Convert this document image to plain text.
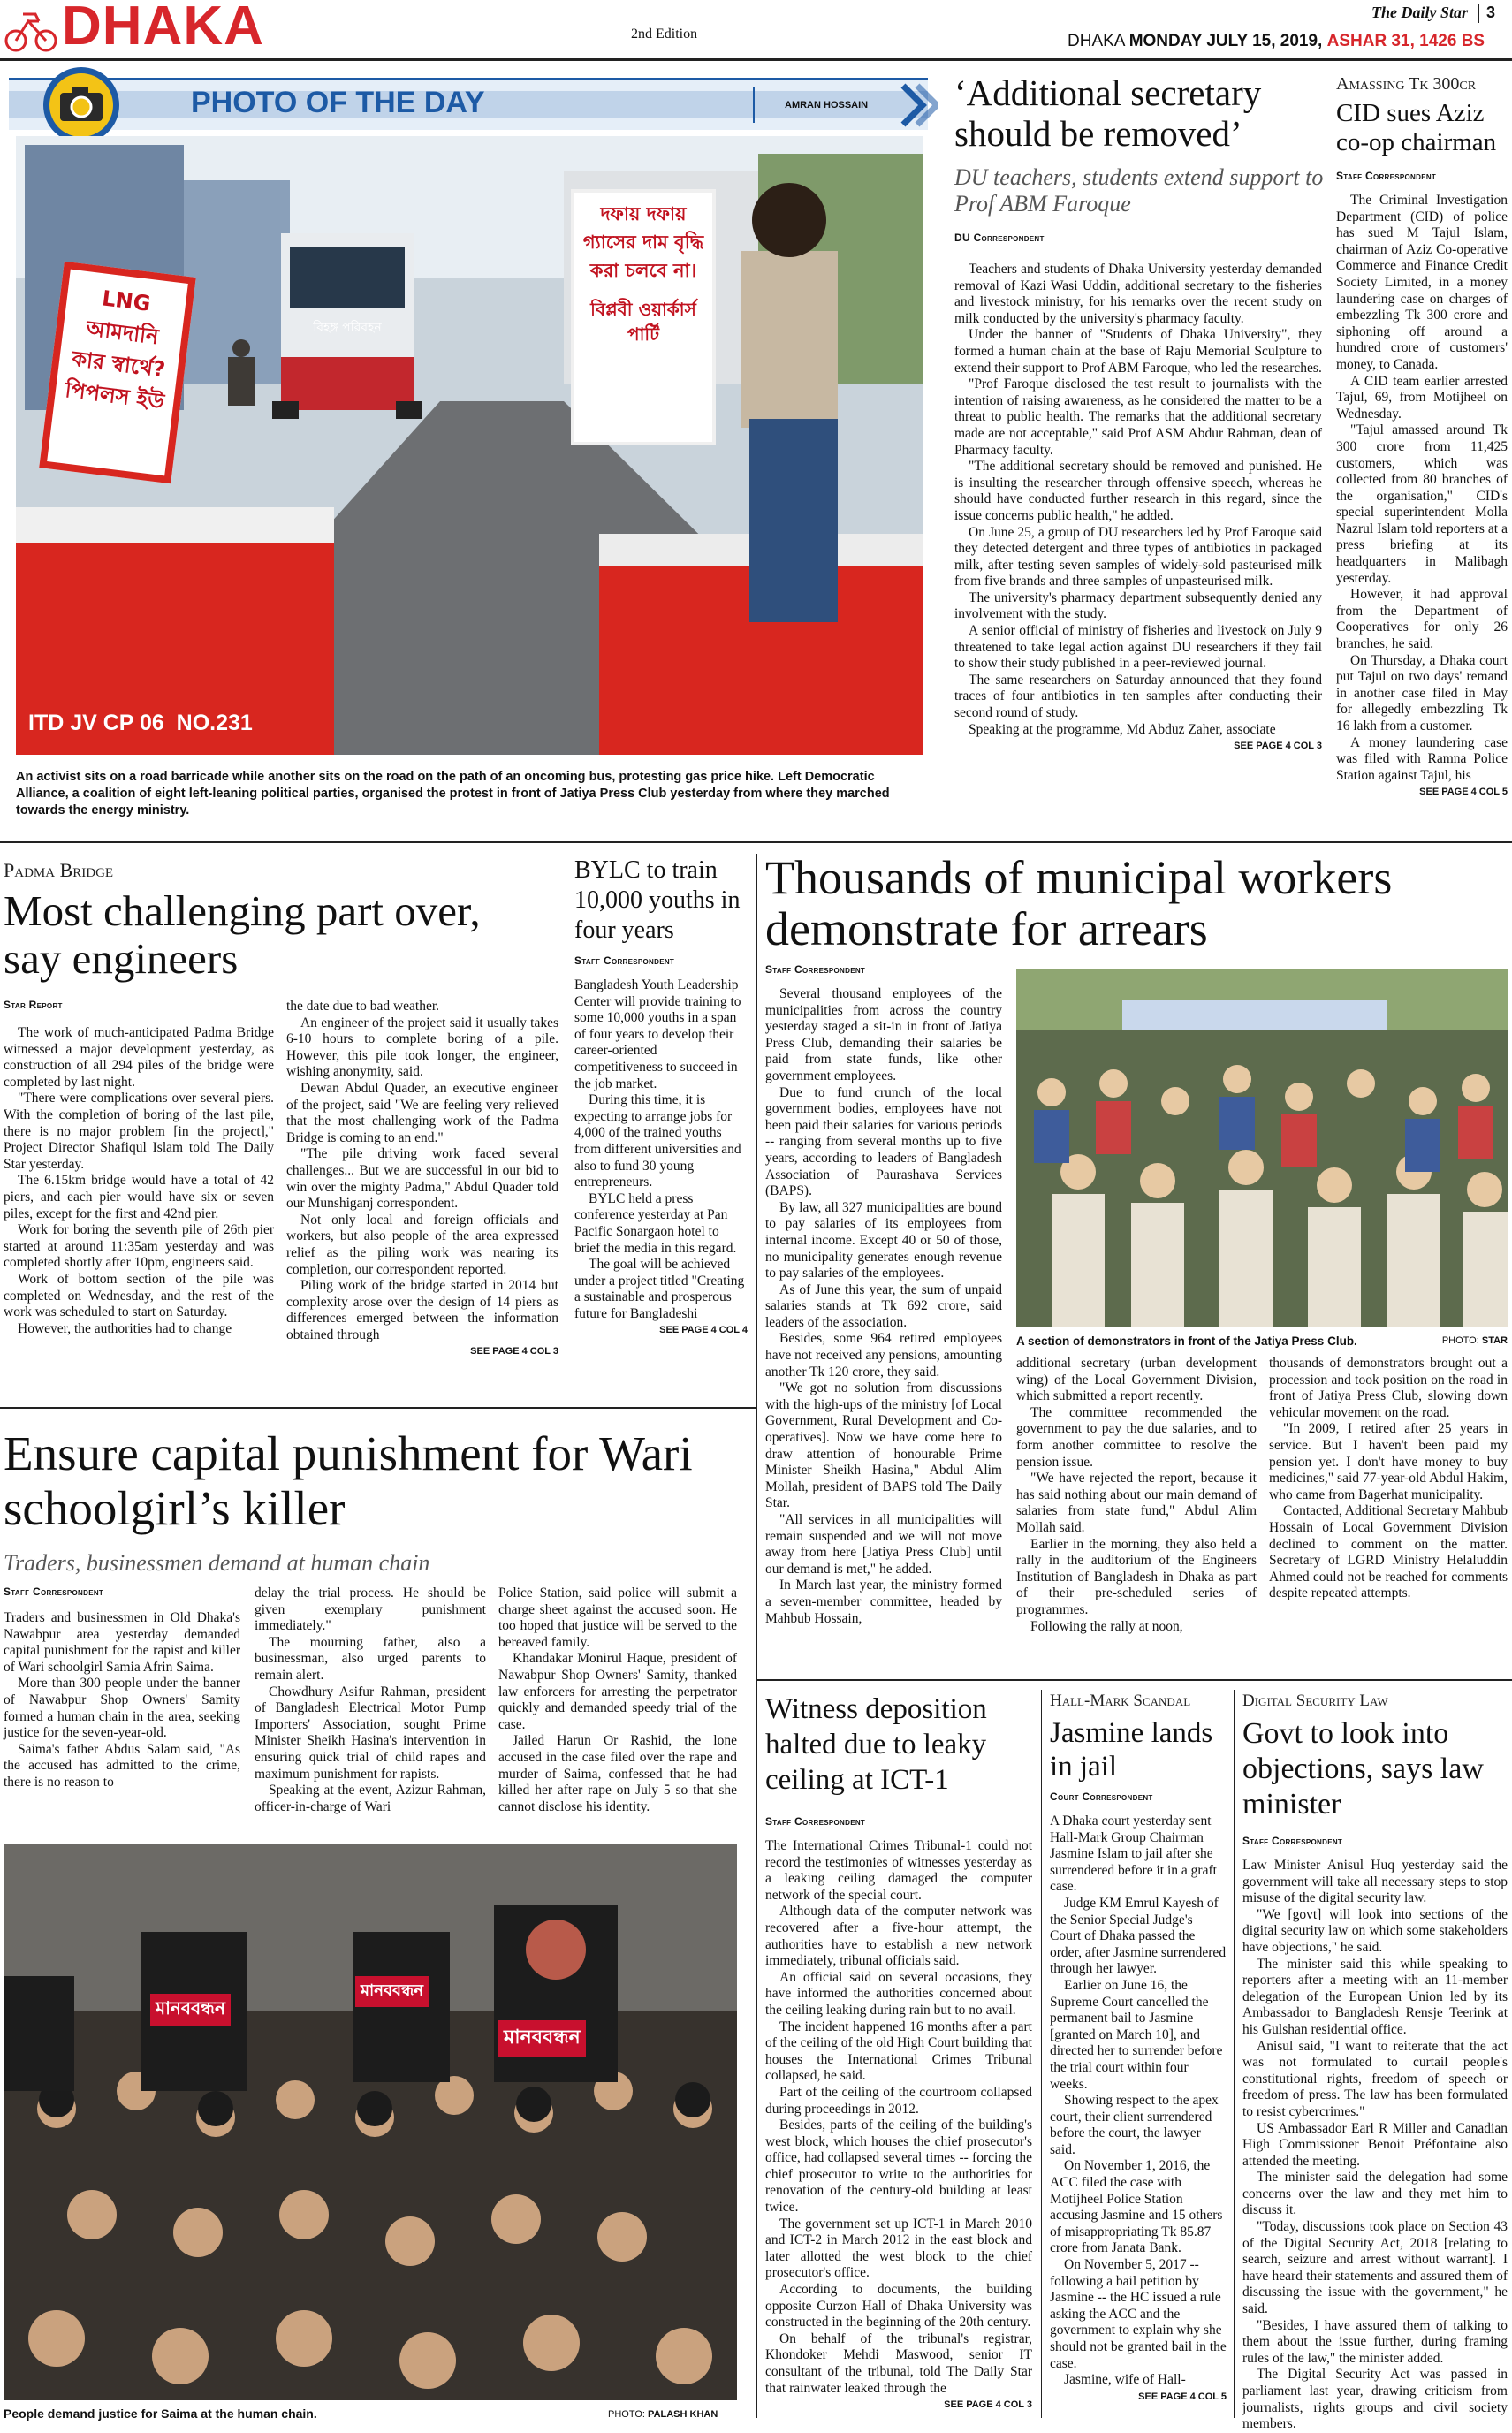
DHAKA	2nd Edition
The Daily Star 3
DHAKA MONDAY JULY 15, 2019, ASHAR 31, 1426 BS
PHOTO OF THE DAY	AMRAN HOSSAIN
LNG আমদানি কার স্বার্থে? পিপলস ইউ
দফায় দফায় গ্যাসের দাম বৃদ্ধি করা চলবে না।
বিপ্লবী ওয়ার্কার্স পার্টি
বিহঙ্গ পরিবহন
ITD JV CP 06  NO.231
An activist sits on a road barricade while another sits on the road on the path of an oncoming bus, protesting gas price hike. Left Democratic Alliance, a coalition of eight left-leaning political parties, organised the protest in front of Jatiya Press Club yesterday from where they marched towards the energy ministry.
‘Additional secretary should be removed’
DU teachers, students extend support to Prof ABM Faroque
DU Correspondent

Teachers and students of Dhaka University yesterday demanded removal of Kazi Wasi Uddin, additional secretary to the fisheries and livestock ministry, for his remarks over the recent study on milk conducted by the university's pharmacy faculty.

Under the banner of "Students of Dhaka University", they formed a human chain at the base of Raju Memorial Sculpture to extend their support to Prof ABM Faroque, who led the researches.

"Prof Faroque disclosed the test result to journalists with the intention of raising awareness, as he considered the matter to be a threat to public health. The remarks that the additional secretary made are not acceptable," said Prof ASM Abdur Rahman, dean of Pharmacy faculty.

"The additional secretary should be removed and punished. He is insulting the researcher through offensive speech, whereas he should have conducted further research in this regard, since the issue concerns public health," he added.

On June 25, a group of DU researchers led by Prof Faroque said they detected detergent and three types of antibiotics in packaged milk, after testing seven samples of widely-sold pasteurised milk from five brands and three samples of unpasteurised milk.

The university's pharmacy department subsequently denied any involvement with the study.

A senior official of ministry of fisheries and livestock on July 9 threatened to take legal action against DU researchers if they fail to show their study published in a peer-reviewed journal.

The same researchers on Saturday announced that they found traces of four antibiotics in ten samples after conducting their second round of study.

Speaking at the programme, Md Abduz Zaher, associate

SEE PAGE 4 COL 3
Amassing Tk 300cr
CID sues Aziz co-op chairman
Staff Correspondent

The Criminal Investigation Department (CID) of police has sued M Tajul Islam, chairman of Aziz Co-operative Commerce and Finance Credit Society Limited, in a money laundering case on charges of embezzling Tk 300 crore and siphoning off around a hundred crore of customers' money, to Canada.

A CID team earlier arrested Tajul, 69, from Motijheel on Wednesday.

"Tajul amassed around Tk 300 crore from 11,425 customers, which was collected from 80 branches of the organisation," CID's special superintendent Molla Nazrul Islam told reporters at a press briefing at its headquarters in Malibagh yesterday.

However, it had approval from the Department of Cooperatives for only 26 branches, he said.

On Thursday, a Dhaka court put Tajul on two days' remand in another case filed in May for allegedly embezzling Tk 16 lakh from a customer.

A money laundering case was filed with Ramna Police Station against Tajul, his

SEE PAGE 4 COL 5
Padma Bridge
Most challenging part over, say engineers
Star Report

The work of much-anticipated Padma Bridge witnessed a major development yesterday, as construction of all 294 piles of the bridge were completed by last night.

"There were complications over several piers. With the completion of boring of the last pile, there is no major problem [in the project]," Project Director Shafiqul Islam told The Daily Star yesterday.

The 6.15km bridge would have a total of 42 piers, and each pier would have six or seven piles, except for the first and 42nd pier.

Work for boring the seventh pile of 26th pier started at around 11:35am yesterday and was completed shortly after 10pm, engineers said.

Work of bottom section of the pile was completed on Wednesday, and the rest of the work was scheduled to start on Saturday.

However, the authorities had to change

the date due to bad weather.

An engineer of the project said it usually takes 6-10 hours to complete boring of a pile. However, this pile took longer, the engineer, wishing anonymity, said.

Dewan Abdul Quader, an executive engineer of the project, said "We are feeling very relieved that the most challenging work of the Padma Bridge is coming to an end."

"The pile driving work faced several challenges... But we are successful in our bid to win over the mighty Padma," Abdul Quader told our Munshiganj correspondent.

Not only local and foreign officials and workers, but also people of the area expressed relief as the piling work was nearing its completion, our correspondent reported.

Piling work of the bridge started in 2014 but complexity arose over the design of 14 piers as differences emerged between the information obtained through

SEE PAGE 4 COL 3
BYLC to train 10,000 youths in four years
Staff Correspondent

Bangladesh Youth Leadership Center will provide training to some 10,000 youths in a span of four years to develop their career-oriented competitiveness to succeed in the job market.

During this time, it is expecting to arrange jobs for 4,000 of the trained youths from different universities and also to fund 30 young entrepreneurs.

BYLC held a press conference yesterday at Pan Pacific Sonargaon hotel to brief the media in this regard.

The goal will be achieved under a project titled "Creating a sustainable and prosperous future for Bangladeshi

SEE PAGE 4 COL 4
Thousands of municipal workers demonstrate for arrears
Staff Correspondent

Several thousand employees of the municipalities from across the country yesterday staged a sit-in in front of Jatiya Press Club, demanding their salaries be paid from state funds, like other government employees.

Due to fund crunch of the local government bodies, employees have not been paid their salaries for various periods -- ranging from several months up to five years, according to leaders of Bangladesh Association of Paurashava Services (BAPS).

By law, all 327 municipalities are bound to pay salaries of its employees from internal income. Except 40 or 50 of those, no municipality generates enough revenue to pay salaries of the employees.

As of June this year, the sum of unpaid salaries stands at Tk 692 crore, said leaders of the association.

Besides, some 964 retired employees have not received any pensions, amounting another Tk 120 crore, they said.

"We got no solution from discussions with the high-ups of the ministry [of Local Government, Rural Development and Co-operatives]. Now we have come here to draw attention of honourable Prime Minister Sheikh Hasina," Abdul Alim Mollah, president of BAPS told The Daily Star.

"All services in all municipalities will remain suspended and we will not move away from here [Jatiya Press Club] until our demand is met," he added.

In March last year, the ministry formed a seven-member committee, headed by Mahbub Hossain,

A section of demonstrators in front of the Jatiya Press Club.	PHOTO: STAR

additional secretary (urban development wing) of the Local Government Division, which submitted a report recently.

The committee recommended the government to pay the due salaries, and to form another committee to resolve the pension issue.

"We have rejected the report, because it has said nothing about our main demand of salaries from state fund," Abdul Alim Mollah said.

Earlier in the morning, they also held a rally in the auditorium of the Engineers Institution of Bangladesh in Dhaka as part of their pre-scheduled series of programmes.

Following the rally at noon,

thousands of demonstrators brought out a procession and took position on the road in front of Jatiya Press Club, slowing down vehicular movement on the road.

"In 2009, I retired after 25 years in service. But I haven't been paid my pension yet. I don't have money to buy medicines," said 77-year-old Abdul Hakim, who came from Bagerhat municipality.

Contacted, Additional Secretary Mahbub Hossain of Local Government Division declined to comment on the matter. Secretary of LGRD Ministry Helaluddin Ahmed could not be reached for comments despite repeated attempts.

Ensure capital punishment for Wari schoolgirl’s killer
Traders, businessmen demand at human chain
Staff Correspondent

Traders and businessmen in Old Dhaka's Nawabpur area yesterday demanded capital punishment for the rapist and killer of Wari schoolgirl Samia Afrin Saima.

More than 300 people under the banner of Nawabpur Shop Owners' Samity formed a human chain in the area, seeking justice for the seven-year-old.

Saima's father Abdus Salam said, "As the accused has admitted to the crime, there is no reason to

delay the trial process. He should be given exemplary punishment immediately."

The mourning father, also a businessman, also urged parents to remain alert.

Chowdhury Asifur Rahman, president of Bangladesh Electrical Motor Pump Importers' Association, sought Prime Minister Sheikh Hasina's intervention in ensuring quick trial of child rapes and maximum punishment for rapists.

Speaking at the event, Azizur Rahman, officer-in-charge of Wari

Police Station, said police will submit a charge sheet against the accused soon. He too hoped that justice will be served to the bereaved family.

Khandakar Monirul Haque, president of Nawabpur Shop Owners' Samity, thanked law enforcers for arresting the perpetrator quickly and demanded speedy trial of the case.

Jailed Harun Or Rashid, the lone accused in the case filed over the rape and murder of Saima, confessed that he had killed her after rape on July 5 so that she cannot disclose his identity.

মানববন্ধন
মানববন্ধন
মানববন্ধন
People demand justice for Saima at the human chain.	PHOTO: PALASH KHAN
Witness deposition halted due to leaky ceiling at ICT-1
Staff Correspondent

The International Crimes Tribunal-1 could not record the testimonies of witnesses yesterday as a leaking ceiling damaged the computer network of the special court.

Although data of the computer network was recovered after a five-hour attempt, the authorities have to establish a new network immediately, tribunal officials said.

An official said on several occasions, they have informed the authorities concerned about the ceiling leaking during rain but to no avail.

The incident happened 16 months after a part of the ceiling of the old High Court building that houses the International Crimes Tribunal collapsed, he said.

Part of the ceiling of the courtroom collapsed during proceedings in 2012.

Besides, parts of the ceiling of the building's west block, which houses the chief prosecutor's office, had collapsed several times -- forcing the chief prosecutor to write to the authorities for renovation of the century-old building at least twice.

The government set up ICT-1 in March 2010 and ICT-2 in March 2012 in the east block and later allotted the west block to the chief prosecutor's office.

According to documents, the building opposite Curzon Hall of Dhaka University was constructed in the beginning of the 20th century.

On behalf of the tribunal's registrar, Khondoker Mehdi Maswood, senior IT consultant of the tribunal, told The Daily Star that rainwater leaked through the

SEE PAGE 4 COL 3
Hall-Mark Scandal
Jasmine lands in jail
Court Correspondent

A Dhaka court yesterday sent Hall-Mark Group Chairman Jasmine Islam to jail after she surrendered before it in a graft case.

Judge KM Emrul Kayesh of the Senior Special Judge's Court of Dhaka passed the order, after Jasmine surrendered through her lawyer.

Earlier on June 16, the Supreme Court cancelled the permanent bail to Jasmine [granted on March 10], and directed her to surrender before the trial court within four weeks.

Showing respect to the apex court, their client surrendered before the court, the lawyer said.

On November 1, 2016, the ACC filed the case with Motijheel Police Station accusing Jasmine and 15 others of misappropriating Tk 85.87 crore from Janata Bank.

On November 5, 2017 -- following a bail petition by Jasmine -- the HC issued a rule asking the ACC and the government to explain why she should not be granted bail in the case.

Jasmine, wife of Hall-

SEE PAGE 4 COL 5
Digital Security Law
Govt to look into objections, says law minister
Staff Correspondent

Law Minister Anisul Huq yesterday said the government will take all necessary steps to stop misuse of the digital security law.

"We [govt] will look into sections of the digital security law on which some stakeholders have objections," he said.

The minister said this while speaking to reporters after a meeting with an 11-member delegation of the European Union led by its Ambassador to Bangladesh Rensje Teerink at his Gulshan residential office.

Anisul said, "I want to reiterate that the act was not formulated to curtail people's constitutional rights, freedom of speech or freedom of press. The law has been formulated to resist cybercrimes."

US Ambassador Earl R Miller and Canadian High Commissioner Benoit Préfontaine also attended the meeting.

The minister said the delegation had some concerns over the law and they met him to discuss it.

"Today, discussions took place on Section 43 of the Digital Security Act, 2018 [relating to search, seizure and arrest without warrant]. I have heard their statements and assured them of discussing the issue with the government," he said.

"Besides, I have assured them of talking to them about the issue further, during framing rules of the law," the minister added.

The Digital Security Act was passed in parliament last year, drawing criticism from journalists, rights groups and civil society members.
